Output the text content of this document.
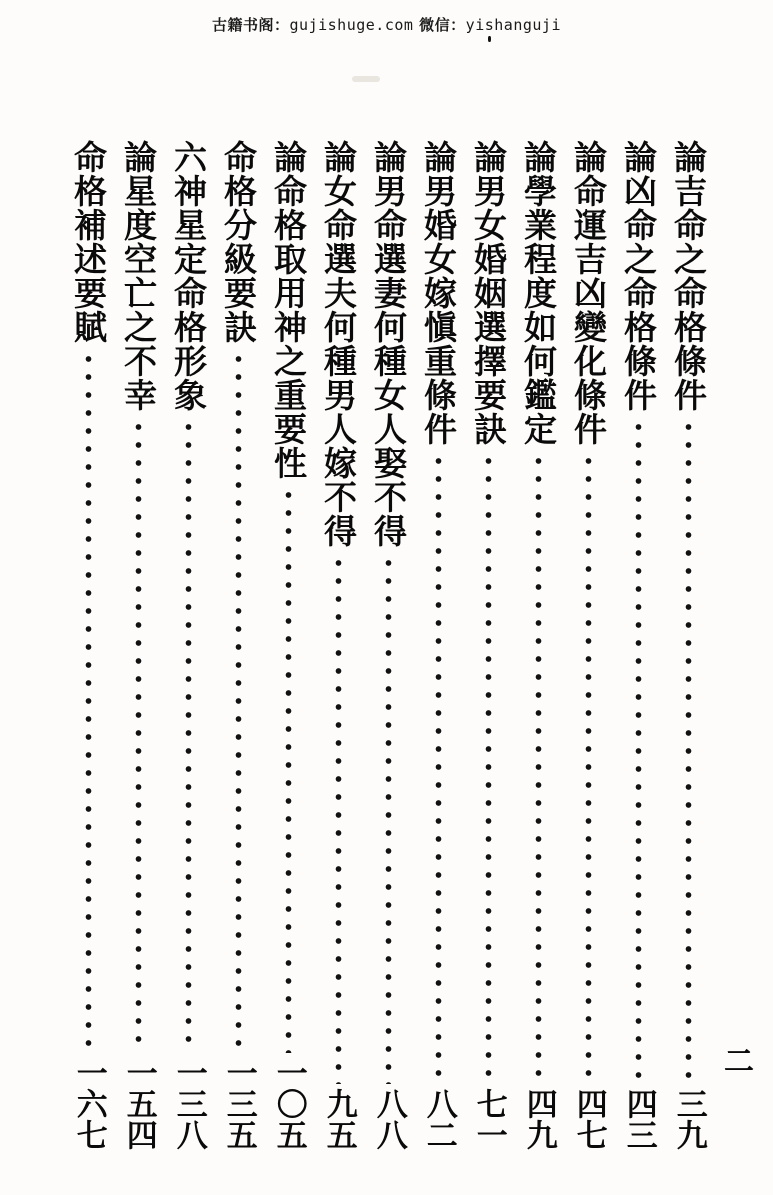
古籍书阁：gujishuge.com 微信：yishanguji
論吉命之命格條件
三九
論凶命之命格條件
四三
論命運吉凶變化條件
四七
論學業程度如何鑑定
四九
論男女婚姻選擇要訣
七一
論男婚女嫁愼重條件
八二
論男命選妻何種女人娶不得
八八
論女命選夫何種男人嫁不得
九五
論命格取用神之重要性
一〇五
命格分級要訣
一三五
六神星定命格形象
一三八
論星度空亡之不幸
一五四
命格補述要賦
一六七	二
